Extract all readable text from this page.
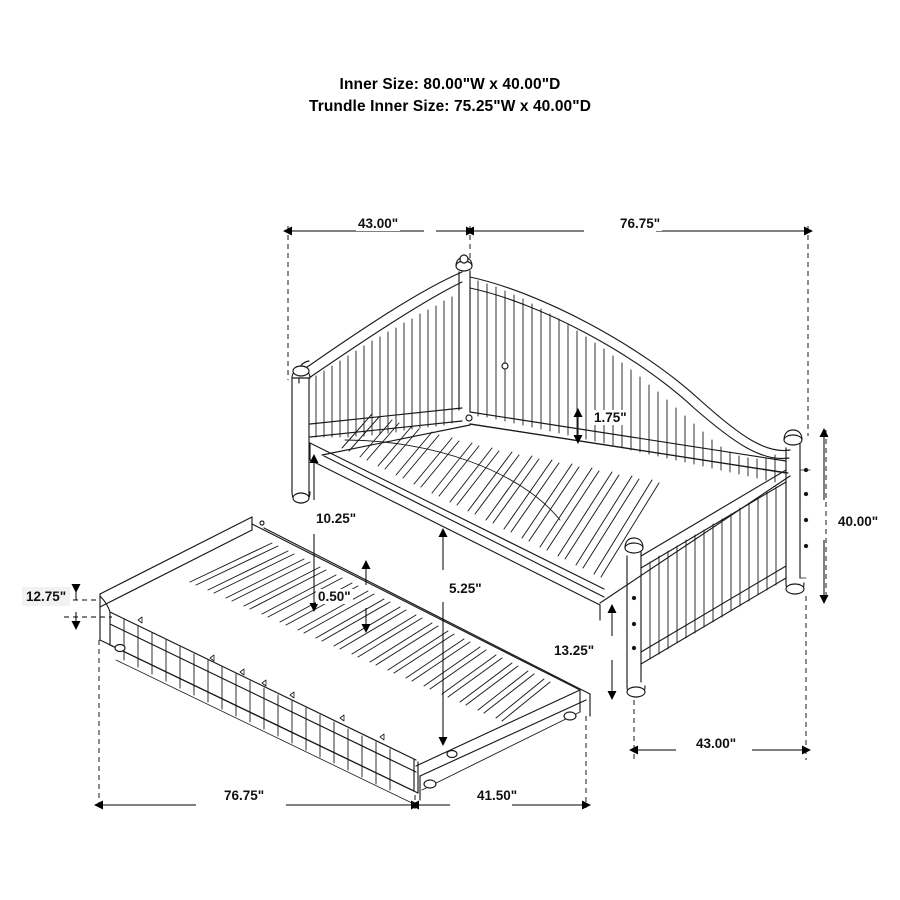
Inner Size: 80.00"W x 40.00"D
Trundle Inner Size: 75.25"W x 40.00"D
43.00"	76.75"
1.75"
10.25"
0.50"
5.25"
12.75"
13.25"
40.00"
43.00"
76.75"	41.50"
